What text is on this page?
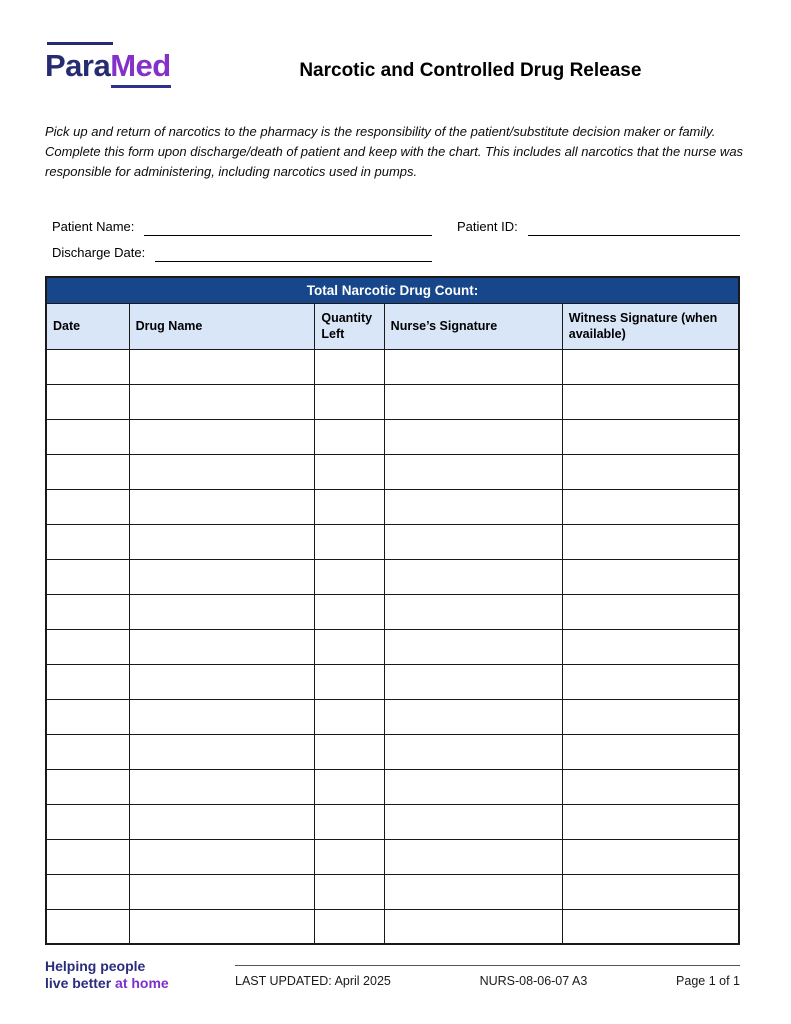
ParaMed	Narcotic and Controlled Drug Release

Pick up and return of narcotics to the pharmacy is the responsibility of the patient/substitute decision maker or family. Complete this form upon discharge/death of patient and keep with the chart. This includes all narcotics that the nurse was responsible for administering, including narcotics used in pumps.

Patient Name:	Patient ID:
Discharge Date:
Total Narcotic Drug Count:				
Date	Drug Name	Quantity Left	Nurse’s Signature	Witness Signature (when available)

Helping people
live better at home	LAST UPDATED: April 2025	NURS-08-06-07 A3	Page 1 of 1
